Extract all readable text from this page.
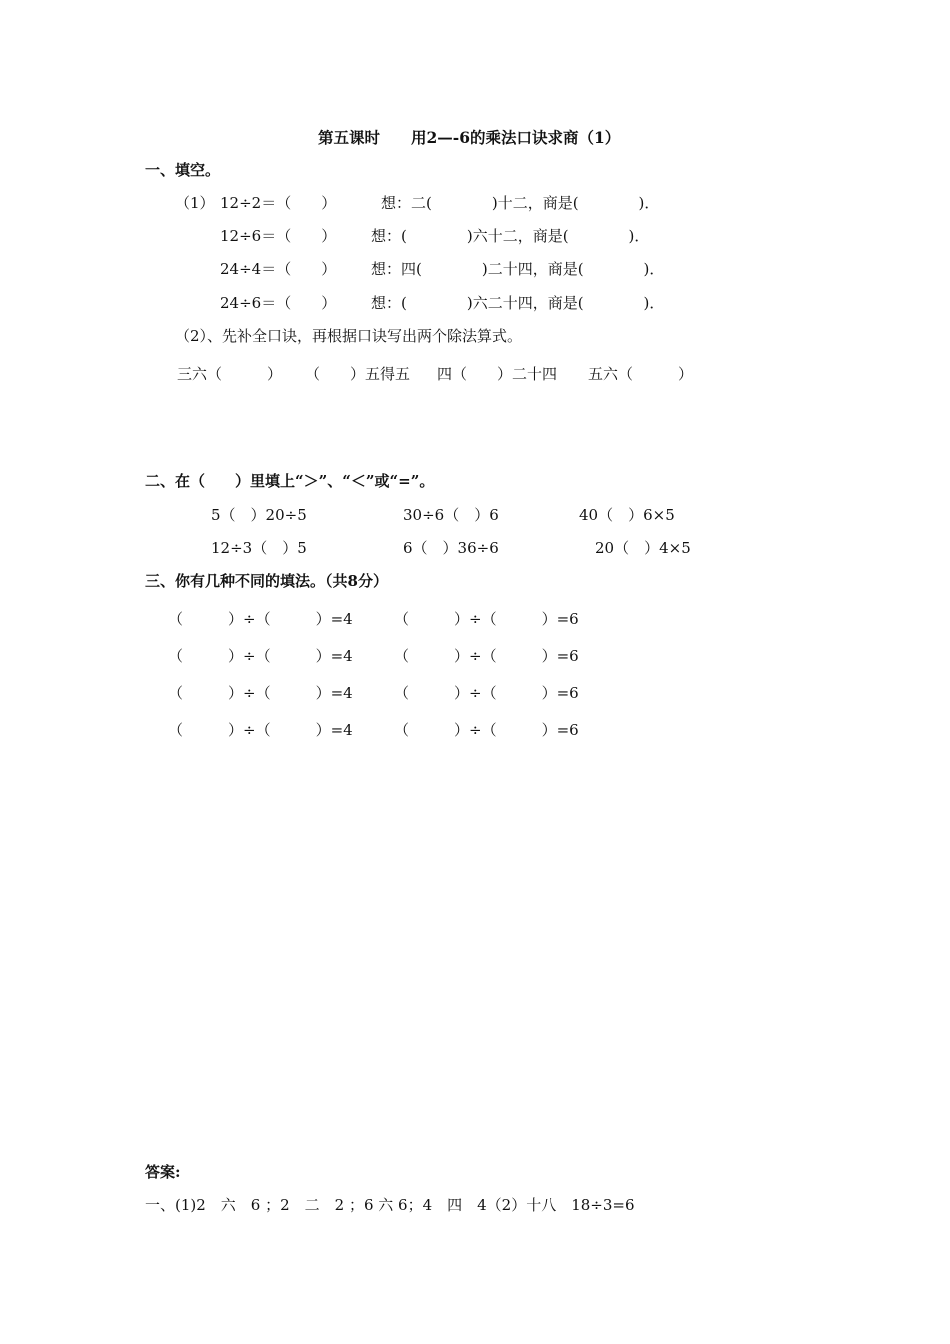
第五课时　　用2—-6的乘法口诀求商（1）
一、填空。
（1） 12÷2＝（　　）	想：二(　　　　)十二，商是(　　　　)．
12÷6＝（　　） 想：(　　　　)六十二，商是(　　　　)．
24÷4＝（　　） 想：四(　　　　)二十四，商是(　　　　)．
24÷6＝（　　） 想：(　　　　)六二十四，商是(　　　　)．
（2）、先补全口诀，再根据口诀写出两个除法算式。
三六（　　　） （　　）五得五 四（　　）二十四 五六（　　　）
二、在（　　）里填上“＞”、“＜”或“=”。
5（　）20÷5	30÷6（　）6	40（　）6×5
12÷3（　）5	6（　）36÷6	20（　）4×5
三、你有几种不同的填法。（共8分）
（　　　）÷（　　　）=4	（　　　）÷（　　　）=6
（　　　）÷（　　　）=4	（　　　）÷（　　　）=6
（　　　）÷（　　　）=4	（　　　）÷（　　　）=6
（　　　）÷（　　　）=4	（　　　）÷（　　　）=6
答案:
一、(1)2　六　6 ；2　二　2 ；6 六 6；4　四　4（2）十八　18÷3=6
